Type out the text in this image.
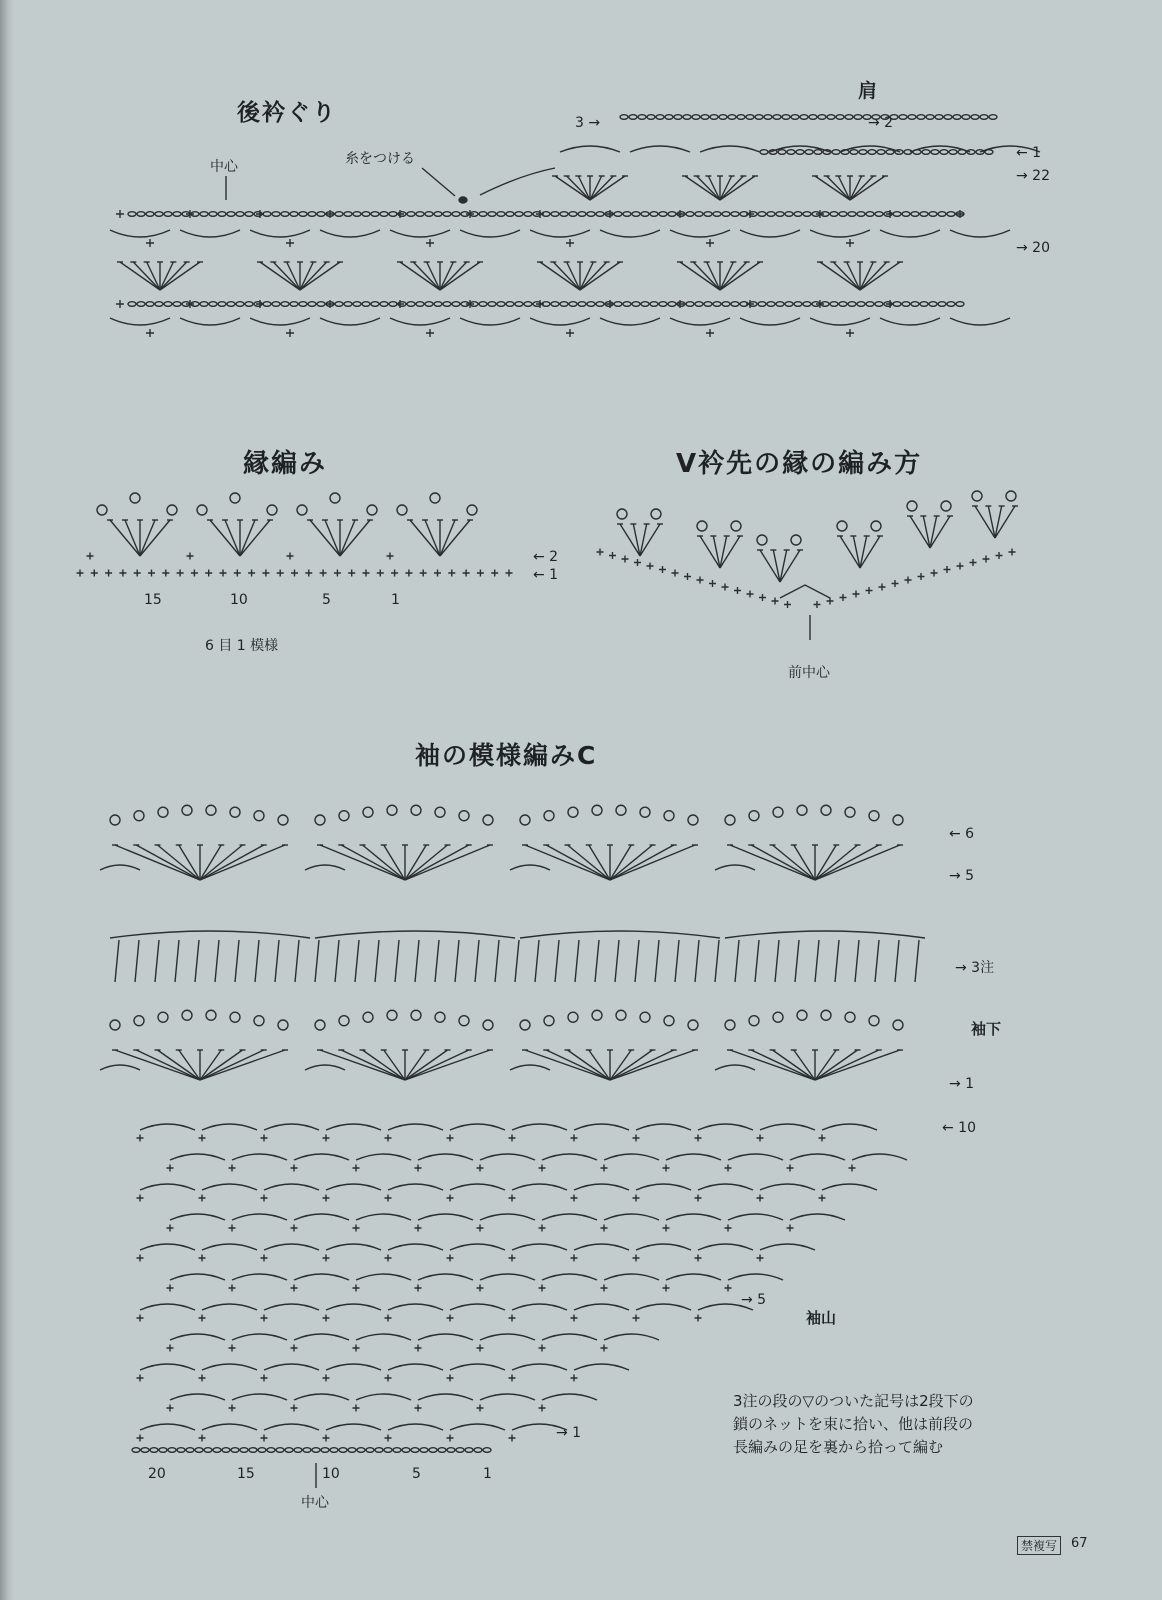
後衿ぐり
肩
中心	糸をつける
3 →	→ 2
← 1
→ 22
→ 20
縁編み
← 2
← 1
15	10	5	1
6 目 1 模様
V衿先の縁の編み方
前中心
袖の模様編みC
← 6
→ 5
→ 3注
→ 1
← 10
→ 5
→ 1
袖下
袖山
20	15	10	5	1
中心
3注の段の▽のついた記号は2段下の
鎖のネットを束に拾い、他は前段の
長編みの足を裏から拾って編む
禁複写	67
